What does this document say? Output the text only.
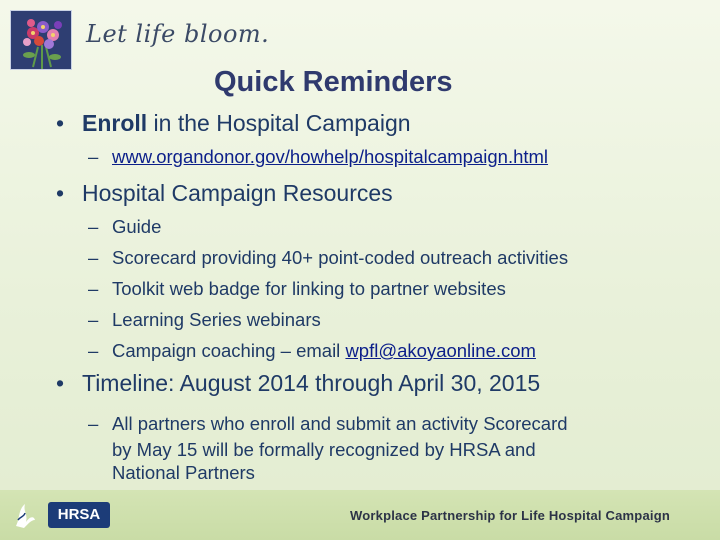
Let life bloom.
Quick Reminders
• Enroll in the Hospital Campaign
– www.organdonor.gov/howhelp/hospitalcampaign.html
• Hospital Campaign Resources
– Guide
– Scorecard providing 40+ point-coded outreach activities
– Toolkit web badge for linking to partner websites
– Learning Series webinars
– Campaign coaching – email wpfl@akoyaonline.com
• Timeline: August 2014 through April 30, 2015
– All partners who enroll and submit an activity Scorecard
by May 15 will be formally recognized by HRSA and
National Partners
HRSA	Workplace Partnership for Life Hospital Campaign
